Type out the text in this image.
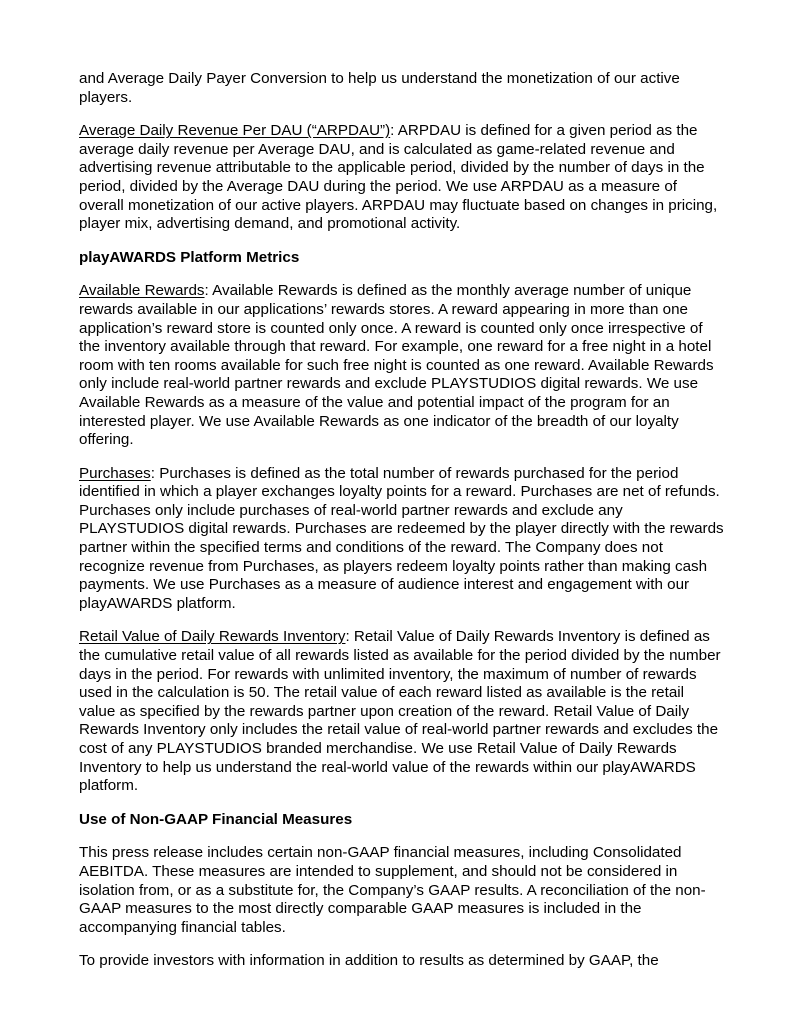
and Average Daily Payer Conversion to help us understand the monetization of our active players.

Average Daily Revenue Per DAU (“ARPDAU”): ARPDAU is defined for a given period as the average daily revenue per Average DAU, and is calculated as game-related revenue and advertising revenue attributable to the applicable period, divided by the number of days in the period, divided by the Average DAU during the period. We use ARPDAU as a measure of overall monetization of our active players. ARPDAU may fluctuate based on changes in pricing, player mix, advertising demand, and promotional activity.

playAWARDS Platform Metrics

Available Rewards: Available Rewards is defined as the monthly average number of unique rewards available in our applications’ rewards stores. A reward appearing in more than one application’s reward store is counted only once. A reward is counted only once irrespective of the inventory available through that reward. For example, one reward for a free night in a hotel room with ten rooms available for such free night is counted as one reward. Available Rewards only include real-world partner rewards and exclude PLAYSTUDIOS digital rewards. We use Available Rewards as a measure of the value and potential impact of the program for an interested player. We use Available Rewards as one indicator of the breadth of our loyalty offering.

Purchases: Purchases is defined as the total number of rewards purchased for the period identified in which a player exchanges loyalty points for a reward. Purchases are net of refunds. Purchases only include purchases of real-world partner rewards and exclude any PLAYSTUDIOS digital rewards. Purchases are redeemed by the player directly with the rewards partner within the specified terms and conditions of the reward. The Company does not recognize revenue from Purchases, as players redeem loyalty points rather than making cash payments. We use Purchases as a measure of audience interest and engagement with our playAWARDS platform.

Retail Value of Daily Rewards Inventory: Retail Value of Daily Rewards Inventory is defined as the cumulative retail value of all rewards listed as available for the period divided by the number days in the period. For rewards with unlimited inventory, the maximum of number of rewards used in the calculation is 50. The retail value of each reward listed as available is the retail value as specified by the rewards partner upon creation of the reward. Retail Value of Daily Rewards Inventory only includes the retail value of real-world partner rewards and excludes the cost of any PLAYSTUDIOS branded merchandise. We use Retail Value of Daily Rewards Inventory to help us understand the real-world value of the rewards within our playAWARDS platform.

Use of Non-GAAP Financial Measures

This press release includes certain non-GAAP financial measures, including Consolidated AEBITDA. These measures are intended to supplement, and should not be considered in isolation from, or as a substitute for, the Company’s GAAP results. A reconciliation of the non-GAAP measures to the most directly comparable GAAP measures is included in the accompanying financial tables.

To provide investors with information in addition to results as determined by GAAP, the
